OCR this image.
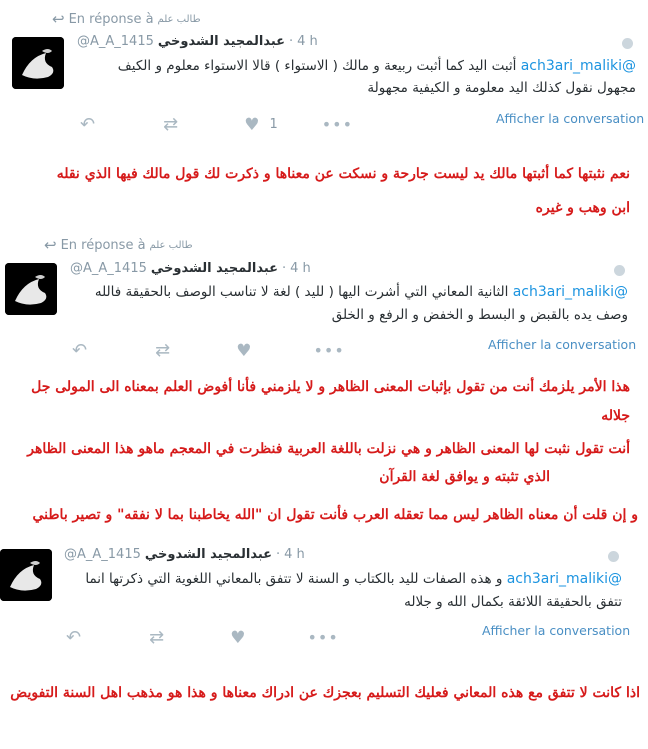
↩ En réponse à طالب علم
@A_A_1415 عبدالمجيد الشدوخي · 4 h
@ach3ari_maliki أثبت اليد كما أثبت ربيعة و مالك ( الاستواء ) قالا الاستواء معلوم و الكيف
مجهول نقول كذلك اليد معلومة و الكيفية مجهولة
↶	⇄	♥ 1	•••	Afficher la conversation
نعم نثبتها كما أثبتها مالك يد ليست جارحة و نسكت عن معناها و ذكرت لك قول مالك فيها الذي نقله
ابن وهب و غيره
↩ En réponse à طالب علم
@A_A_1415 عبدالمجيد الشدوخي · 4 h
@ach3ari_maliki الثانية المعاني التي أشرت اليها ( لليد ) لغة لا تناسب الوصف بالحقيقة فالله
وصف يده بالقبض و البسط و الخفض و الرفع و الخلق
↶	⇄	♥	•••	Afficher la conversation
هذا الأمر يلزمك أنت من تقول بإثبات المعنى الظاهر و لا يلزمني فأنا أفوض العلم بمعناه الى المولى جل
جلاله
أنت تقول نثبت لها المعنى الظاهر و هي نزلت باللغة العربية فنظرت في المعجم ماهو هذا المعنى الظاهر
الذي تثبته و يوافق لغة القرآن
و إن قلت أن معناه الظاهر ليس مما تعقله العرب فأنت تقول ان "الله يخاطبنا بما لا نفقه" و تصير باطني
@A_A_1415 عبدالمجيد الشدوخي · 4 h
@ach3ari_maliki و هذه الصفات لليد بالكتاب و السنة لا تتفق بالمعاني اللغوية التي ذكرتها انما
تتفق بالحقيقة اللائقة بكمال الله و جلاله
↶	⇄	♥	•••	Afficher la conversation
اذا كانت لا تتفق مع هذه المعاني فعليك التسليم بعجزك عن ادراك معناها و هذا هو مذهب اهل السنة التفويض
